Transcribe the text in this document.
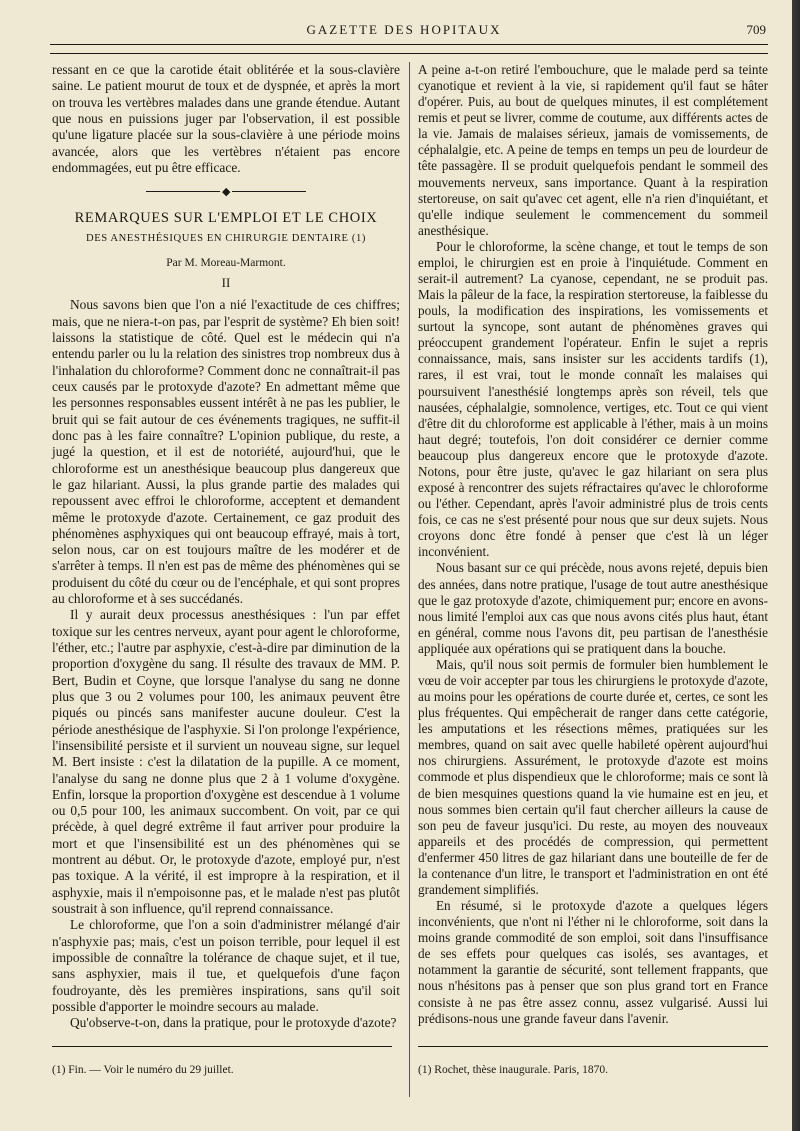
GAZETTE DES HOPITAUX	709

ressant en ce que la carotide était oblitérée et la sous-clavière saine. Le patient mourut de toux et de dyspnée, et après la mort on trouva les vertèbres malades dans une grande étendue. Autant que nous en puissions juger par l'observation, il est possible qu'une ligature placée sur la sous-clavière à une période moins avancée, alors que les vertèbres n'étaient pas encore endommagées, eut pu être efficace.

◆
REMARQUES SUR L'EMPLOI ET LE CHOIX
DES ANESTHÉSIQUES EN CHIRURGIE DENTAIRE (1)
Par M. Moreau-Marmont.
II

Nous savons bien que l'on a nié l'exactitude de ces chiffres; mais, que ne niera-t-on pas, par l'esprit de système? Eh bien soit! laissons la statistique de côté. Quel est le médecin qui n'a entendu parler ou lu la relation des sinistres trop nombreux dus à l'inhalation du chloroforme? Comment donc ne connaîtrait-il pas ceux causés par le protoxyde d'azote? En admettant même que les personnes responsables eussent intérêt à ne pas les publier, le bruit qui se fait autour de ces événements tragiques, ne suffit-il donc pas à les faire connaître? L'opinion publique, du reste, a jugé la question, et il est de notoriété, aujourd'hui, que le chloroforme est un anesthésique beaucoup plus dangereux que le gaz hilariant. Aussi, la plus grande partie des malades qui repoussent avec effroi le chloroforme, acceptent et demandent même le protoxyde d'azote. Certainement, ce gaz produit des phénomènes asphyxiques qui ont beaucoup effrayé, mais à tort, selon nous, car on est toujours maître de les modérer et de s'arrêter à temps. Il n'en est pas de même des phénomènes qui se produisent du côté du cœur ou de l'encéphale, et qui sont propres au chloroforme et à ses succédanés.

Il y aurait deux processus anesthésiques : l'un par effet toxique sur les centres nerveux, ayant pour agent le chloroforme, l'éther, etc.; l'autre par asphyxie, c'est-à-dire par diminution de la proportion d'oxygène du sang. Il résulte des travaux de MM. P. Bert, Budin et Coyne, que lorsque l'analyse du sang ne donne plus que 3 ou 2 volumes pour 100, les animaux peuvent être piqués ou pincés sans manifester aucune douleur. C'est la période anesthésique de l'asphyxie. Si l'on prolonge l'expérience, l'insensibilité persiste et il survient un nouveau signe, sur lequel M. Bert insiste : c'est la dilatation de la pupille. A ce moment, l'analyse du sang ne donne plus que 2 à 1 volume d'oxygène. Enfin, lorsque la proportion d'oxygène est descendue à 1 volume ou 0,5 pour 100, les animaux succombent. On voit, par ce qui précède, à quel degré extrême il faut arriver pour produire la mort et que l'insensibilité est un des phénomènes qui se montrent au début. Or, le protoxyde d'azote, employé pur, n'est pas toxique. A la vérité, il est impropre à la respiration, et il asphyxie, mais il n'empoisonne pas, et le malade n'est pas plutôt soustrait à son influence, qu'il reprend connaissance.

Le chloroforme, que l'on a soin d'administrer mélangé d'air n'asphyxie pas; mais, c'est un poison terrible, pour lequel il est impossible de connaître la tolérance de chaque sujet, et il tue, sans asphyxier, mais il tue, et quelquefois d'une façon foudroyante, dès les premières inspirations, sans qu'il soit possible d'apporter le moindre secours au malade.

Qu'observe-t-on, dans la pratique, pour le protoxyde d'azote?

A peine a-t-on retiré l'embouchure, que le malade perd sa teinte cyanotique et revient à la vie, si rapidement qu'il faut se hâter d'opérer. Puis, au bout de quelques minutes, il est complétement remis et peut se livrer, comme de coutume, aux différents actes de la vie. Jamais de malaises sérieux, jamais de vomissements, de céphalalgie, etc. A peine de temps en temps un peu de lourdeur de tête passagère. Il se produit quelquefois pendant le sommeil des mouvements nerveux, sans importance. Quant à la respiration stertoreuse, on sait qu'avec cet agent, elle n'a rien d'inquiétant, et qu'elle indique seulement le commencement du sommeil anesthésique.

Pour le chloroforme, la scène change, et tout le temps de son emploi, le chirurgien est en proie à l'inquiétude. Comment en serait-il autrement? La cyanose, cependant, ne se produit pas. Mais la pâleur de la face, la respiration stertoreuse, la faiblesse du pouls, la modification des inspirations, les vomissements et surtout la syncope, sont autant de phénomènes graves qui préoccupent grandement l'opérateur. Enfin le sujet a repris connaissance, mais, sans insister sur les accidents tardifs (1), rares, il est vrai, tout le monde connaît les malaises qui poursuivent l'anesthésié longtemps après son réveil, tels que nausées, céphalalgie, somnolence, vertiges, etc. Tout ce qui vient d'être dit du chloroforme est applicable à l'éther, mais à un moins haut degré; toutefois, l'on doit considérer ce dernier comme beaucoup plus dangereux encore que le protoxyde d'azote. Notons, pour être juste, qu'avec le gaz hilariant on sera plus exposé à rencontrer des sujets réfractaires qu'avec le chloroforme ou l'éther. Cependant, après l'avoir administré plus de trois cents fois, ce cas ne s'est présenté pour nous que sur deux sujets. Nous croyons donc être fondé à penser que c'est là un léger inconvénient.

Nous basant sur ce qui précède, nous avons rejeté, depuis bien des années, dans notre pratique, l'usage de tout autre anesthésique que le gaz protoxyde d'azote, chimiquement pur; encore en avons-nous limité l'emploi aux cas que nous avons cités plus haut, étant en général, comme nous l'avons dit, peu partisan de l'anesthésie appliquée aux opérations qui se pratiquent dans la bouche.

Mais, qu'il nous soit permis de formuler bien humblement le vœu de voir accepter par tous les chirurgiens le protoxyde d'azote, au moins pour les opérations de courte durée et, certes, ce sont les plus fréquentes. Qui empêcherait de ranger dans cette catégorie, les amputations et les résections mêmes, pratiquées sur les membres, quand on sait avec quelle habileté opèrent aujourd'hui nos chirurgiens. Assurément, le protoxyde d'azote est moins commode et plus dispendieux que le chloroforme; mais ce sont là de bien mesquines questions quand la vie humaine est en jeu, et nous sommes bien certain qu'il faut chercher ailleurs la cause de son peu de faveur jusqu'ici. Du reste, au moyen des nouveaux appareils et des procédés de compression, qui permettent d'enfermer 450 litres de gaz hilariant dans une bouteille de fer de la contenance d'un litre, le transport et l'administration en ont été grandement simplifiés.

En résumé, si le protoxyde d'azote a quelques légers inconvénients, que n'ont ni l'éther ni le chloroforme, soit dans la moins grande commodité de son emploi, soit dans l'insuffisance de ses effets pour quelques cas isolés, ses avantages, et notamment la garantie de sécurité, sont tellement frappants, que nous n'hésitons pas à penser que son plus grand tort en France consiste à ne pas être assez connu, assez vulgarisé. Aussi lui prédisons-nous une grande faveur dans l'avenir.

(1) Fin. — Voir le numéro du 29 juillet.	(1) Rochet, thèse inaugurale. Paris, 1870.
